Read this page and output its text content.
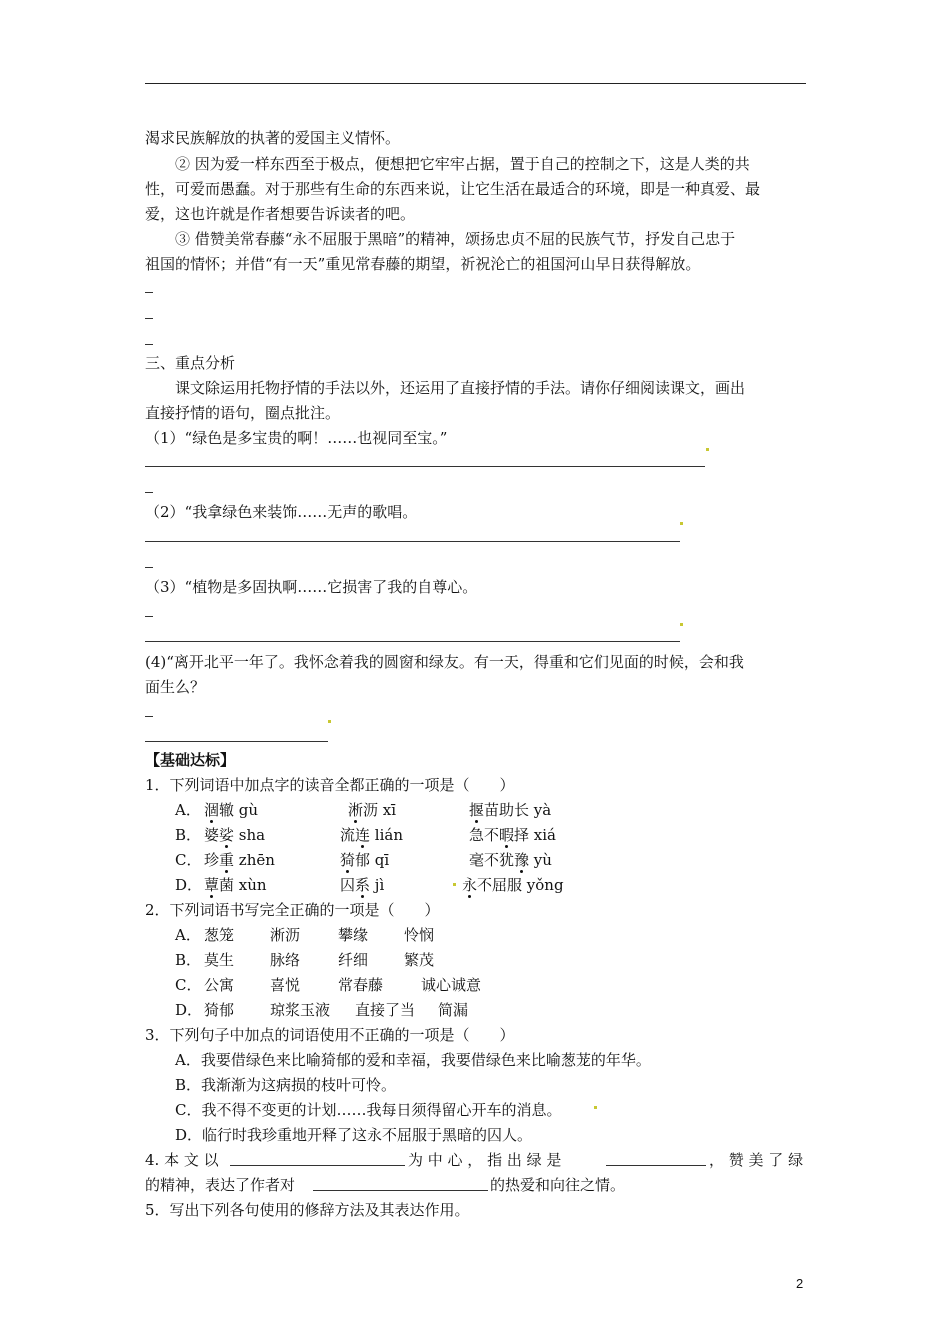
渴求民族解放的执著的爱国主义情怀。
② 因为爱一样东西至于极点，便想把它牢牢占据，置于自己的控制之下，这是人类的共
性，可爱而愚蠢。对于那些有生命的东西来说，让它生活在最适合的环境，即是一种真爱、最
爱，这也许就是作者想要告诉读者的吧。
③ 借赞美常春藤“永不屈服于黑暗”的精神，颂扬忠贞不屈的民族气节，抒发自己忠于
祖国的情怀；并借“有一天”重见常春藤的期望，祈祝沦亡的祖国河山早日获得解放。
三、重点分析
课文除运用托物抒情的手法以外，还运用了直接抒情的手法。请你仔细阅读课文，画出
直接抒情的语句，圈点批注。
（1）“绿色是多宝贵的啊！……也视同至宝。”
（2）“我拿绿色来装饰……无声的歌唱。
（3）“植物是多固执啊……它损害了我的自尊心。
(4)“离开北平一年了。我怀念着我的圆窗和绿友。有一天，得重和它们见面的时候，会和我
面生么？
【基础达标】
1．下列词语中加点字的读音全都正确的一项是（　　）
A． 涸辙 gù	淅沥 xī	揠苗助长 yà
B． 婆娑 sha	流连 lián	急不暇择 xiá
C． 珍重 zhēn	猗郁 qī	毫不犹豫 yù
D． 蕈菌 xùn	囚系 jì	永不屈服 yǒng
2．下列词语书写完全正确的一项是（　　）
A． 葱笼 淅沥	攀缘 怜悯
B． 莫生 脉络	纤细 繁茂
C． 公寓 喜悦	常春藤	诚心诚意
D． 猗郁 琼浆玉液 直接了当 简漏
3．下列句子中加点的词语使用不正确的一项是（　　）
A．我要借绿色来比喻猗郁的爱和幸福，我要借绿色来比喻葱茏的年华。
B．我渐渐为这病损的枝叶可怜。
C．我不得不变更的计划……我每日须得留心开车的消息。
D．临行时我珍重地开释了这永不屈服于黑暗的囚人。
4. 本 文 以	为 中 心 ， 指 出 绿 是	， 赞 美 了 绿
的精神，表达了作者对	的热爱和向往之情。
5．写出下列各句使用的修辞方法及其表达作用。
2
